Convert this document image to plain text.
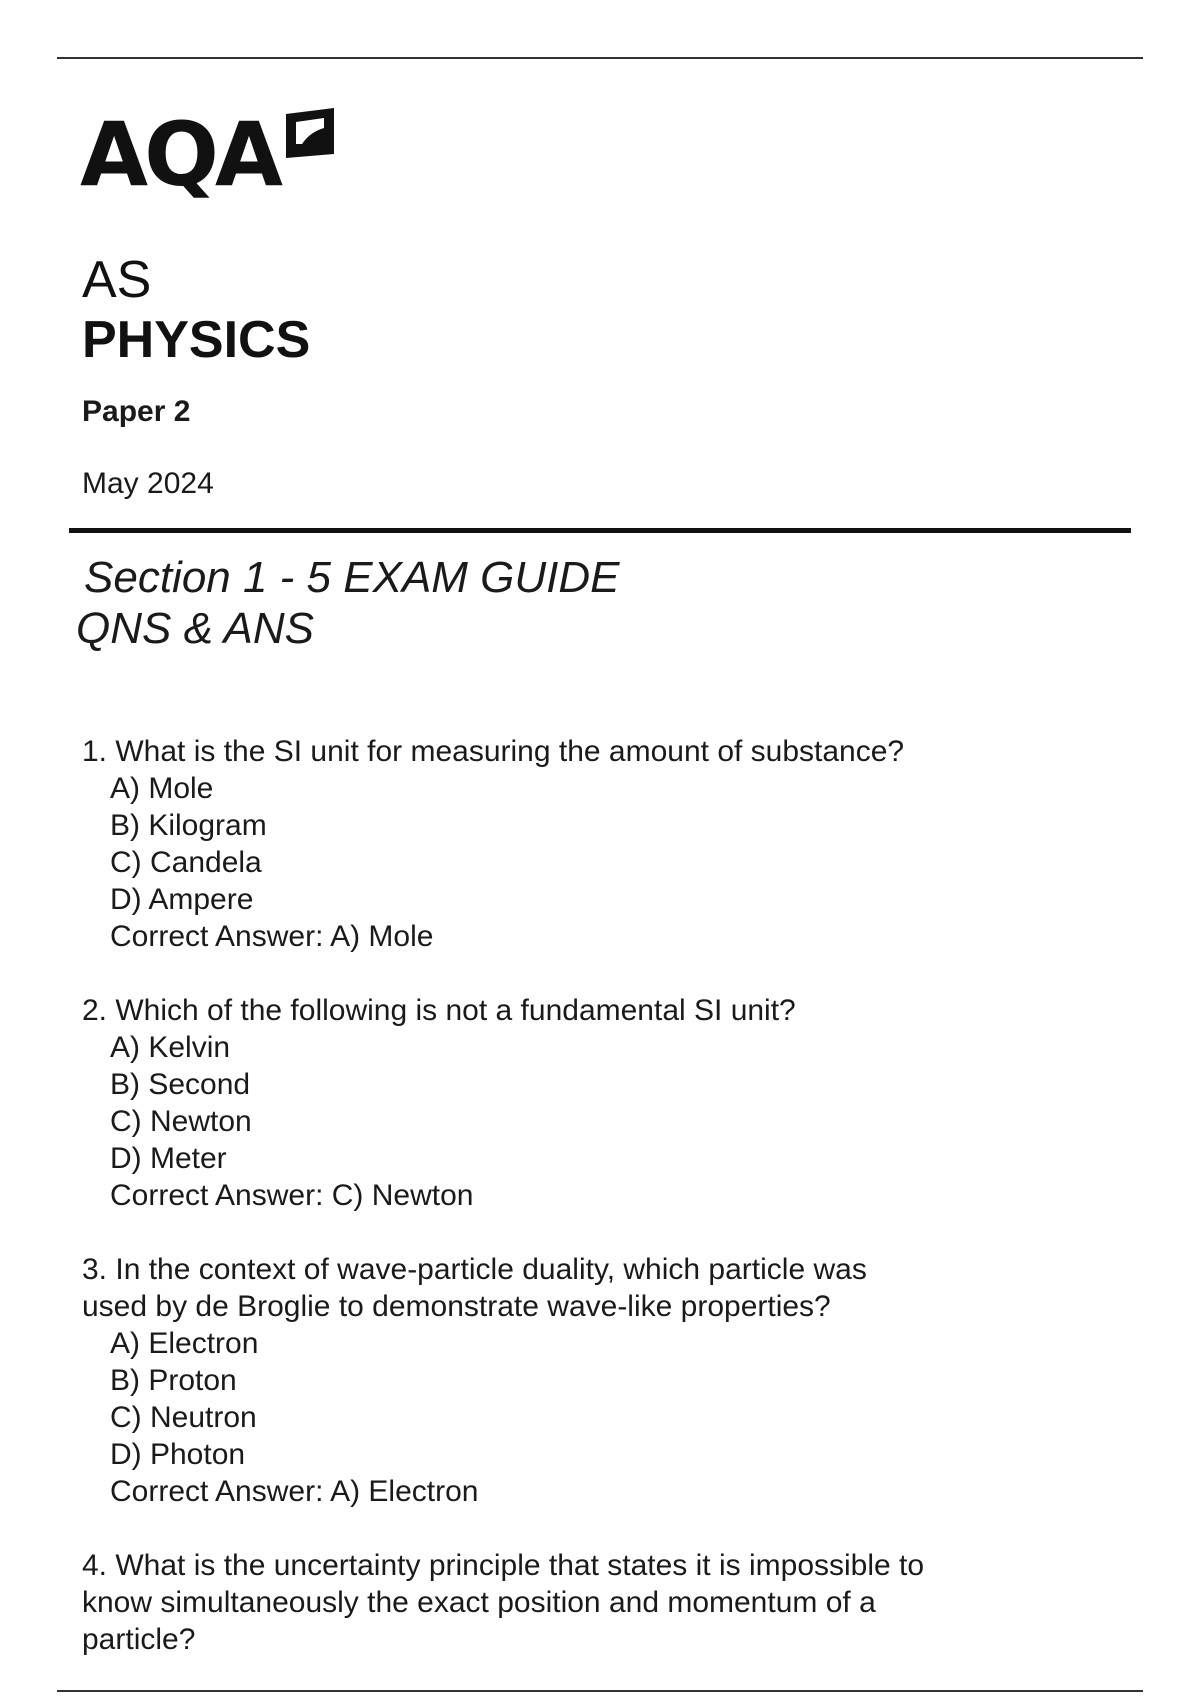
AQA
AS
PHYSICS
Paper 2
May 2024
Section 1 - 5 EXAM GUIDE
QNS & ANS
1. What is the SI unit for measuring the amount of substance?
A) Mole
B) Kilogram
C) Candela
D) Ampere
Correct Answer: A) Mole
2. Which of the following is not a fundamental SI unit?
A) Kelvin
B) Second
C) Newton
D) Meter
Correct Answer: C) Newton
3. In the context of wave-particle duality, which particle was
used by de Broglie to demonstrate wave-like properties?
A) Electron
B) Proton
C) Neutron
D) Photon
Correct Answer: A) Electron
4. What is the uncertainty principle that states it is impossible to
know simultaneously the exact position and momentum of a
particle?
